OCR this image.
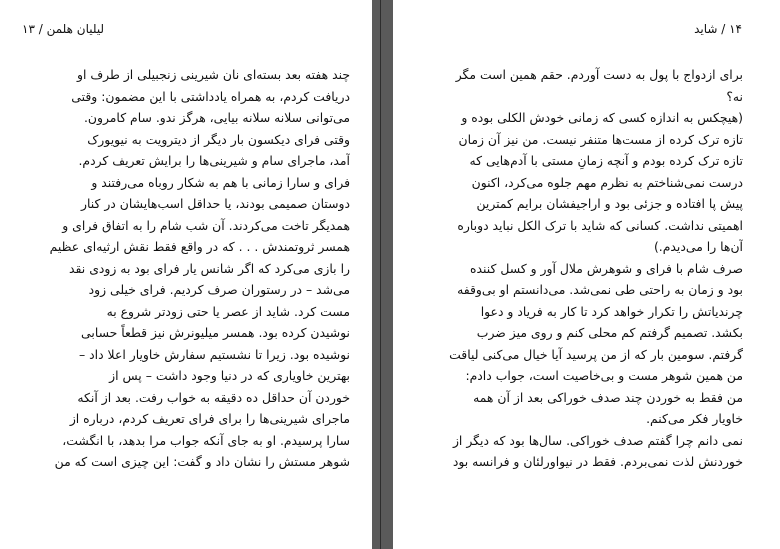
لیلیان هلمن / ۱۳
چند هفته بعد بسته‌ای نان شیرینی زنجبیلی از طرف او
دریافت کردم، به همراه یادداشتی با این مضمون: وقتی
می‌توانی سلانه سلانه بیایی، هرگز ندو. سام کامرون.
وقتی فرای دیکسون بار دیگر از دیترویت به نیویورک
آمد، ماجرای سام و شیرینی‌ها را برایش تعریف کردم.
فرای و سارا زمانی با هم به شکار روباه می‌رفتند و
دوستان صمیمی بودند، یا حداقل اسب‌هایشان در کنار
همدیگر تاخت می‌کردند. آن شب شام را به اتفاق فرای و
همسر ثروتمندش . . . که در واقع فقط نقش ارثیه‌ای عظیم
را بازی می‌کرد که اگر شانس یار فرای بود به زودی نقد
می‌شد – در رستوران صرف کردیم. فرای خیلی زود
مست کرد. شاید از عصر یا حتی زودتر شروع به
نوشیدن کرده بود. همسر میلیونرش نیز قطعاً حسابی
نوشیده بود. زیرا تا نشستیم سفارش خاویار اعلا داد –
بهترین خاویاری که در دنیا وجود داشت – پس از
خوردن آن حداقل ده دقیقه به خواب رفت. بعد از آنکه
ماجرای شیرینی‌ها را برای فرای تعریف کردم، درباره از
سارا پرسیدم. او به جای آنکه جواب مرا بدهد، با انگشت،
شوهر مستش را نشان داد و گفت: این چیزی است که من
۱۴ / شاید
برای ازدواج با پول به دست آوردم. حقم همین است مگر
نه؟
(هیچکس به اندازه کسی که زمانی خودش الکلی بوده و
تازه ترک کرده از مست‌ها متنفر نیست. من نیز آن زمان
تازه ترک کرده بودم و آنچه زمانِ مستی با آدم‌هایی که
درست نمی‌شناختم به نظرم مهم جلوه می‌کرد، اکنون
پیش پا افتاده و جزئی بود و اراجیفشان برایم کمترین
اهمیتی نداشت. کسانی که شاید با ترک الکل نباید دوباره
آن‌ها را می‌دیدم.)
صرف شام با فرای و شوهرش ملال آور و کسل کننده
بود و زمان به راحتی طی نمی‌شد. می‌دانستم او بی‌وقفه
چرندیاتش را تکرار خواهد کرد تا کار به فریاد و دعوا
بکشد. تصمیم گرفتم کم محلی کنم و روی میز ضرب
گرفتم. سومین بار که از من پرسید آیا خیال می‌کنی لیاقت
من همین شوهر مست و بی‌خاصیت است، جواب دادم:
من فقط به خوردن چند صدف خوراکی بعد از آن همه
خاویار فکر می‌کنم.
نمی دانم چرا گفتم صدف خوراکی. سال‌ها بود که دیگر از
خوردنش لذت نمی‌بردم. فقط در نیواورلئان و فرانسه بود
